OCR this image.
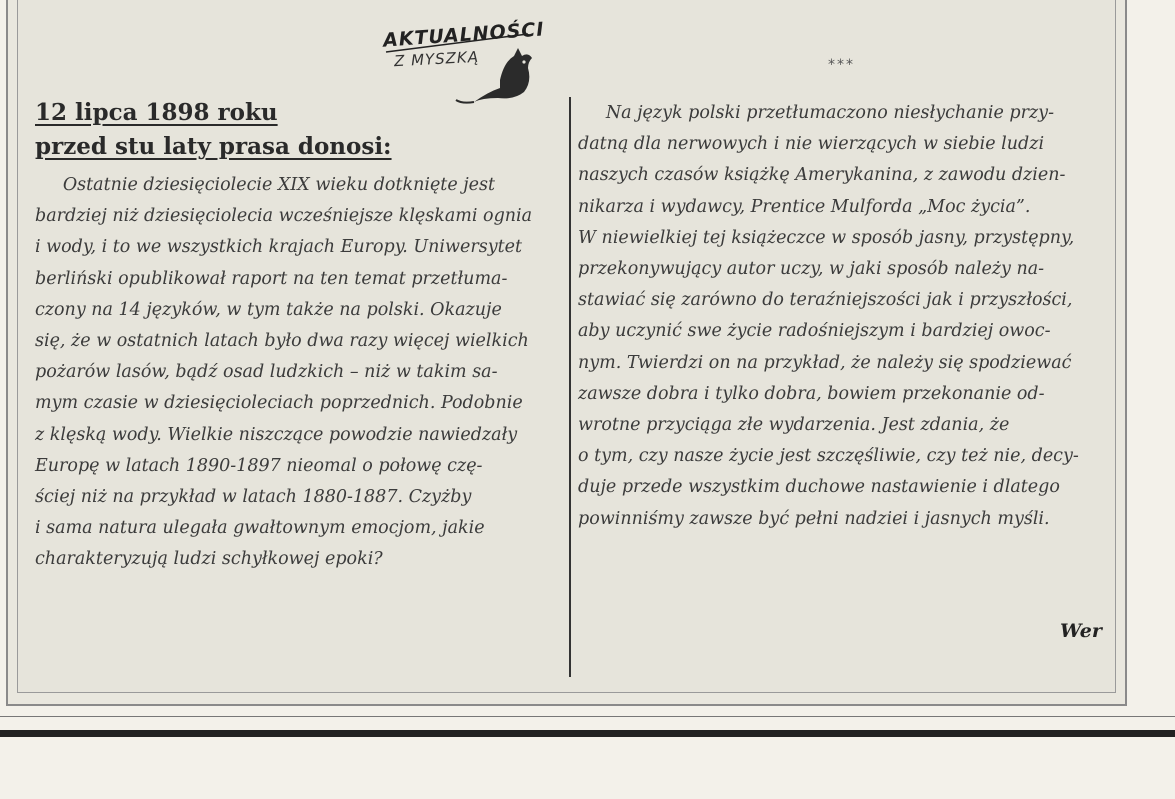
AKTUALNOŚCI
Z MYSZKĄ
12 lipca 1898 roku
przed stu laty prasa donosi:
Ostatnie dziesięciolecie XIX wieku dotknięte jest
bardziej niż dziesięciolecia wcześniejsze klęskami ognia
i wody, i to we wszystkich krajach Europy. Uniwersytet
berliński opublikował raport na ten temat przetłuma-
czony na 14 języków, w tym także na polski. Okazuje
się, że w ostatnich latach było dwa razy więcej wielkich
pożarów lasów, bądź osad ludzkich – niż w takim sa-
mym czasie w dziesięcioleciach poprzednich. Podobnie
z klęską wody. Wielkie niszczące powodzie nawiedzały
Europę w latach 1890-1897 nieomal o połowę czę-
ściej niż na przykład w latach 1880-1887. Czyżby
i sama natura ulegała gwałtownym emocjom, jakie
charakteryzują ludzi schyłkowej epoki?
***
Na język polski przetłumaczono niesłychanie przy-
datną dla nerwowych i nie wierzących w siebie ludzi
naszych czasów książkę Amerykanina, z zawodu dzien-
nikarza i wydawcy, Prentice Mulforda „Moc życia”.
W niewielkiej tej książeczce w sposób jasny, przystępny,
przekonywujący autor uczy, w jaki sposób należy na-
stawiać się zarówno do teraźniejszości jak i przyszłości,
aby uczynić swe życie radośniejszym i bardziej owoc-
nym. Twierdzi on na przykład, że należy się spodziewać
zawsze dobra i tylko dobra, bowiem przekonanie od-
wrotne przyciąga złe wydarzenia. Jest zdania, że
o tym, czy nasze życie jest szczęśliwie, czy też nie, decy-
duje przede wszystkim duchowe nastawienie i dlatego
powinniśmy zawsze być pełni nadziei i jasnych myśli.
Wer
